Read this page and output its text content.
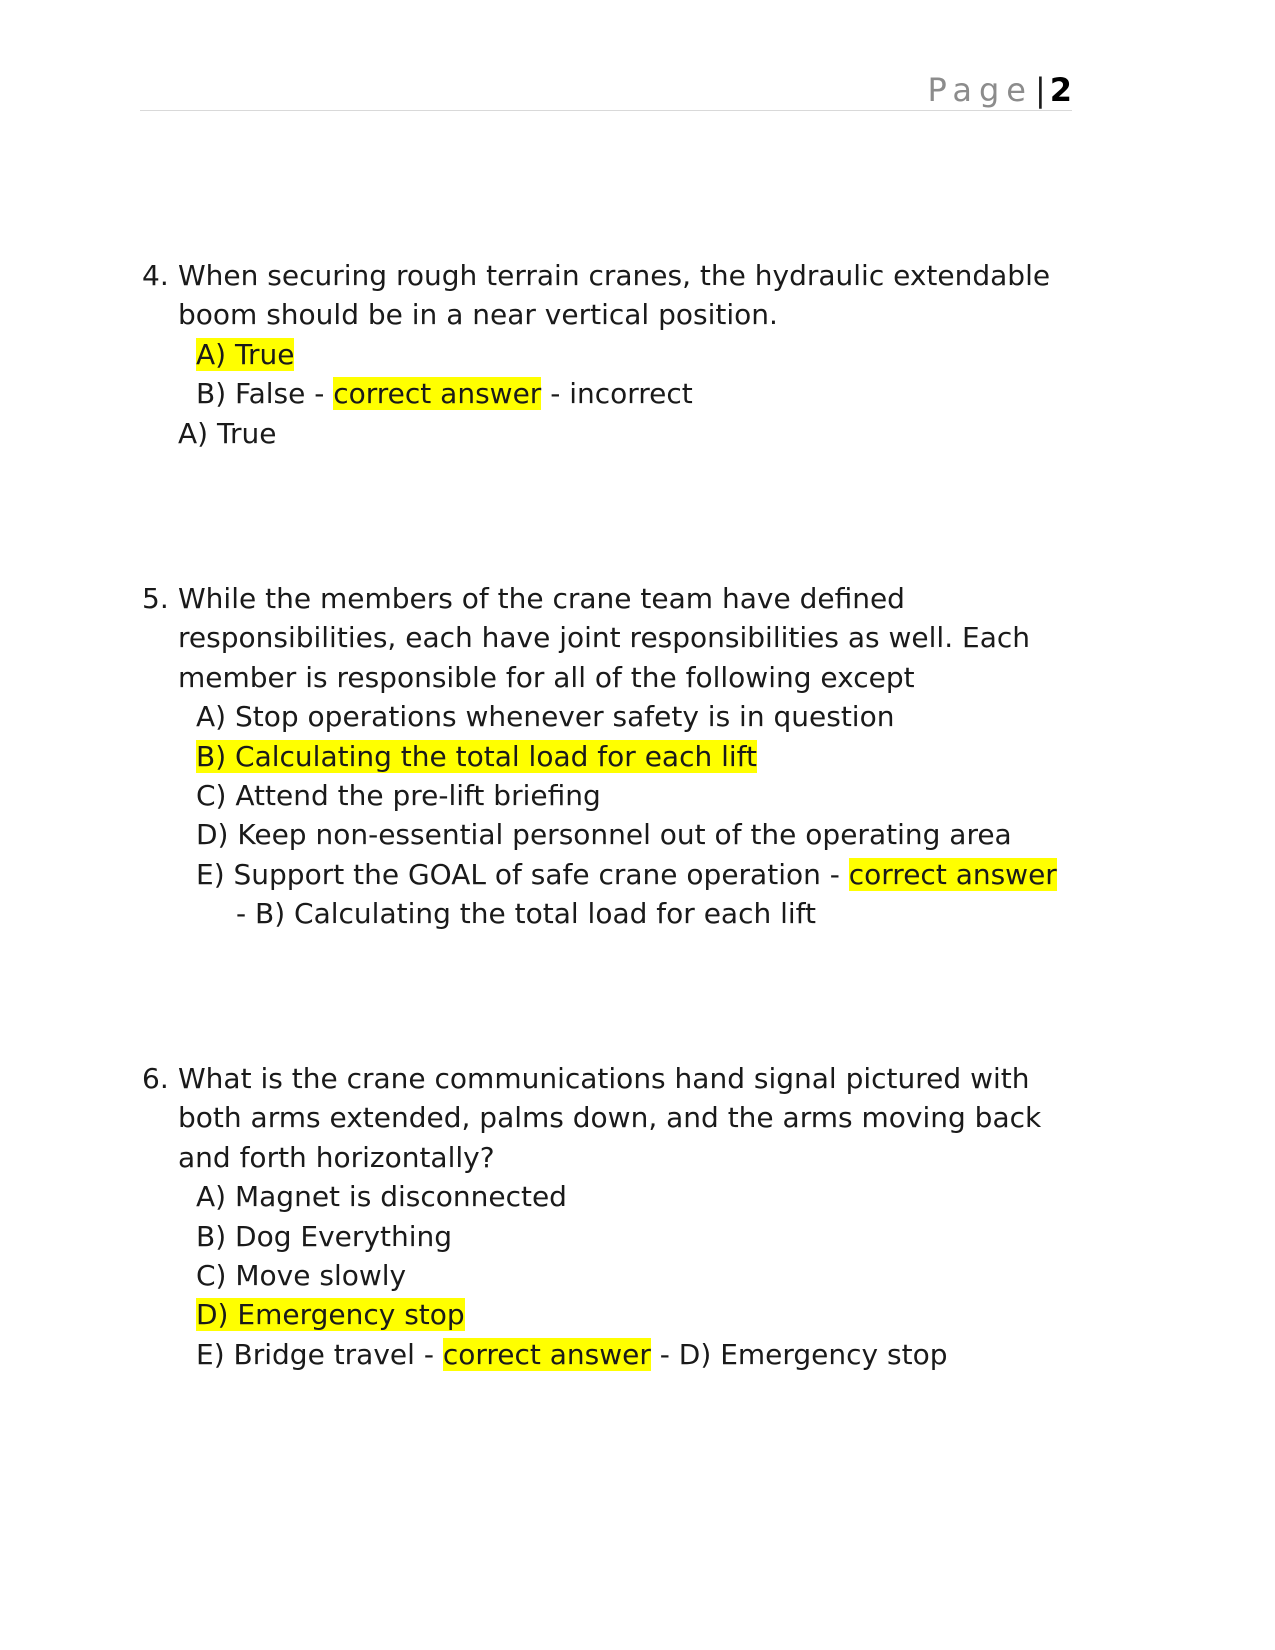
Page| 2
4. When securing rough terrain cranes, the hydraulic extendable
boom should be in a near vertical position.
A) True
B) False - correct answer - incorrect
A) True
5. While the members of the crane team have defined
responsibilities, each have joint responsibilities as well. Each
member is responsible for all of the following except
A) Stop operations whenever safety is in question
B) Calculating the total load for each lift
C) Attend the pre-lift briefing
D) Keep non-essential personnel out of the operating area
E) Support the GOAL of safe crane operation - correct answer
- B) Calculating the total load for each lift
6. What is the crane communications hand signal pictured with
both arms extended, palms down, and the arms moving back
and forth horizontally?
A) Magnet is disconnected
B) Dog Everything
C) Move slowly
D) Emergency stop
E) Bridge travel - correct answer - D) Emergency stop
